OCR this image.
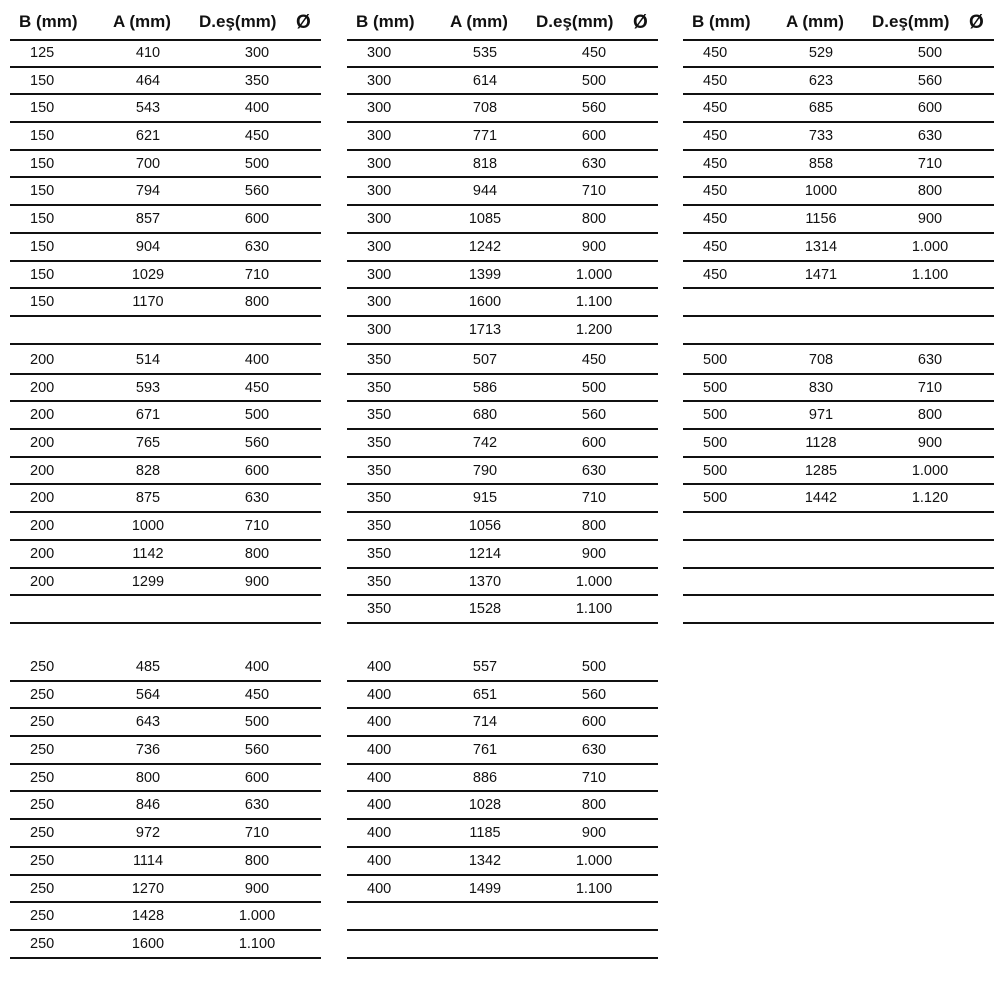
B (mm) A (mm) D.eş(mm) Ø
125	410	300
150	464	350
150	543	400
150	621	450
150	700	500
150	794	560
150	857	600
150	904	630
150	1029	710
150	1170	800
200	514	400
200	593	450
200	671	500
200	765	560
200	828	600
200	875	630
200	1000	710
200	1142	800
200	1299	900
250	485	400
250	564	450
250	643	500
250	736	560
250	800	600
250	846	630
250	972	710
250	1114	800
250	1270	900
250	1428	1.000
250	1600	1.100
B (mm) A (mm) D.eş(mm) Ø
300	535	450
300	614	500
300	708	560
300	771	600
300	818	630
300	944	710
300	1085	800
300	1242	900
300	1399	1.000
300	1600	1.100
300	1713	1.200
350	507	450
350	586	500
350	680	560
350	742	600
350	790	630
350	915	710
350	1056	800
350	1214	900
350	1370	1.000
350	1528	1.100
400	557	500
400	651	560
400	714	600
400	761	630
400	886	710
400	1028	800
400	1185	900
400	1342	1.000
400	1499	1.100
B (mm) A (mm) D.eş(mm) Ø
450	529	500
450	623	560
450	685	600
450	733	630
450	858	710
450	1000	800
450	1156	900
450	1314	1.000
450	1471	1.100
500	708	630
500	830	710
500	971	800
500	1128	900
500	1285	1.000
500	1442	1.120
